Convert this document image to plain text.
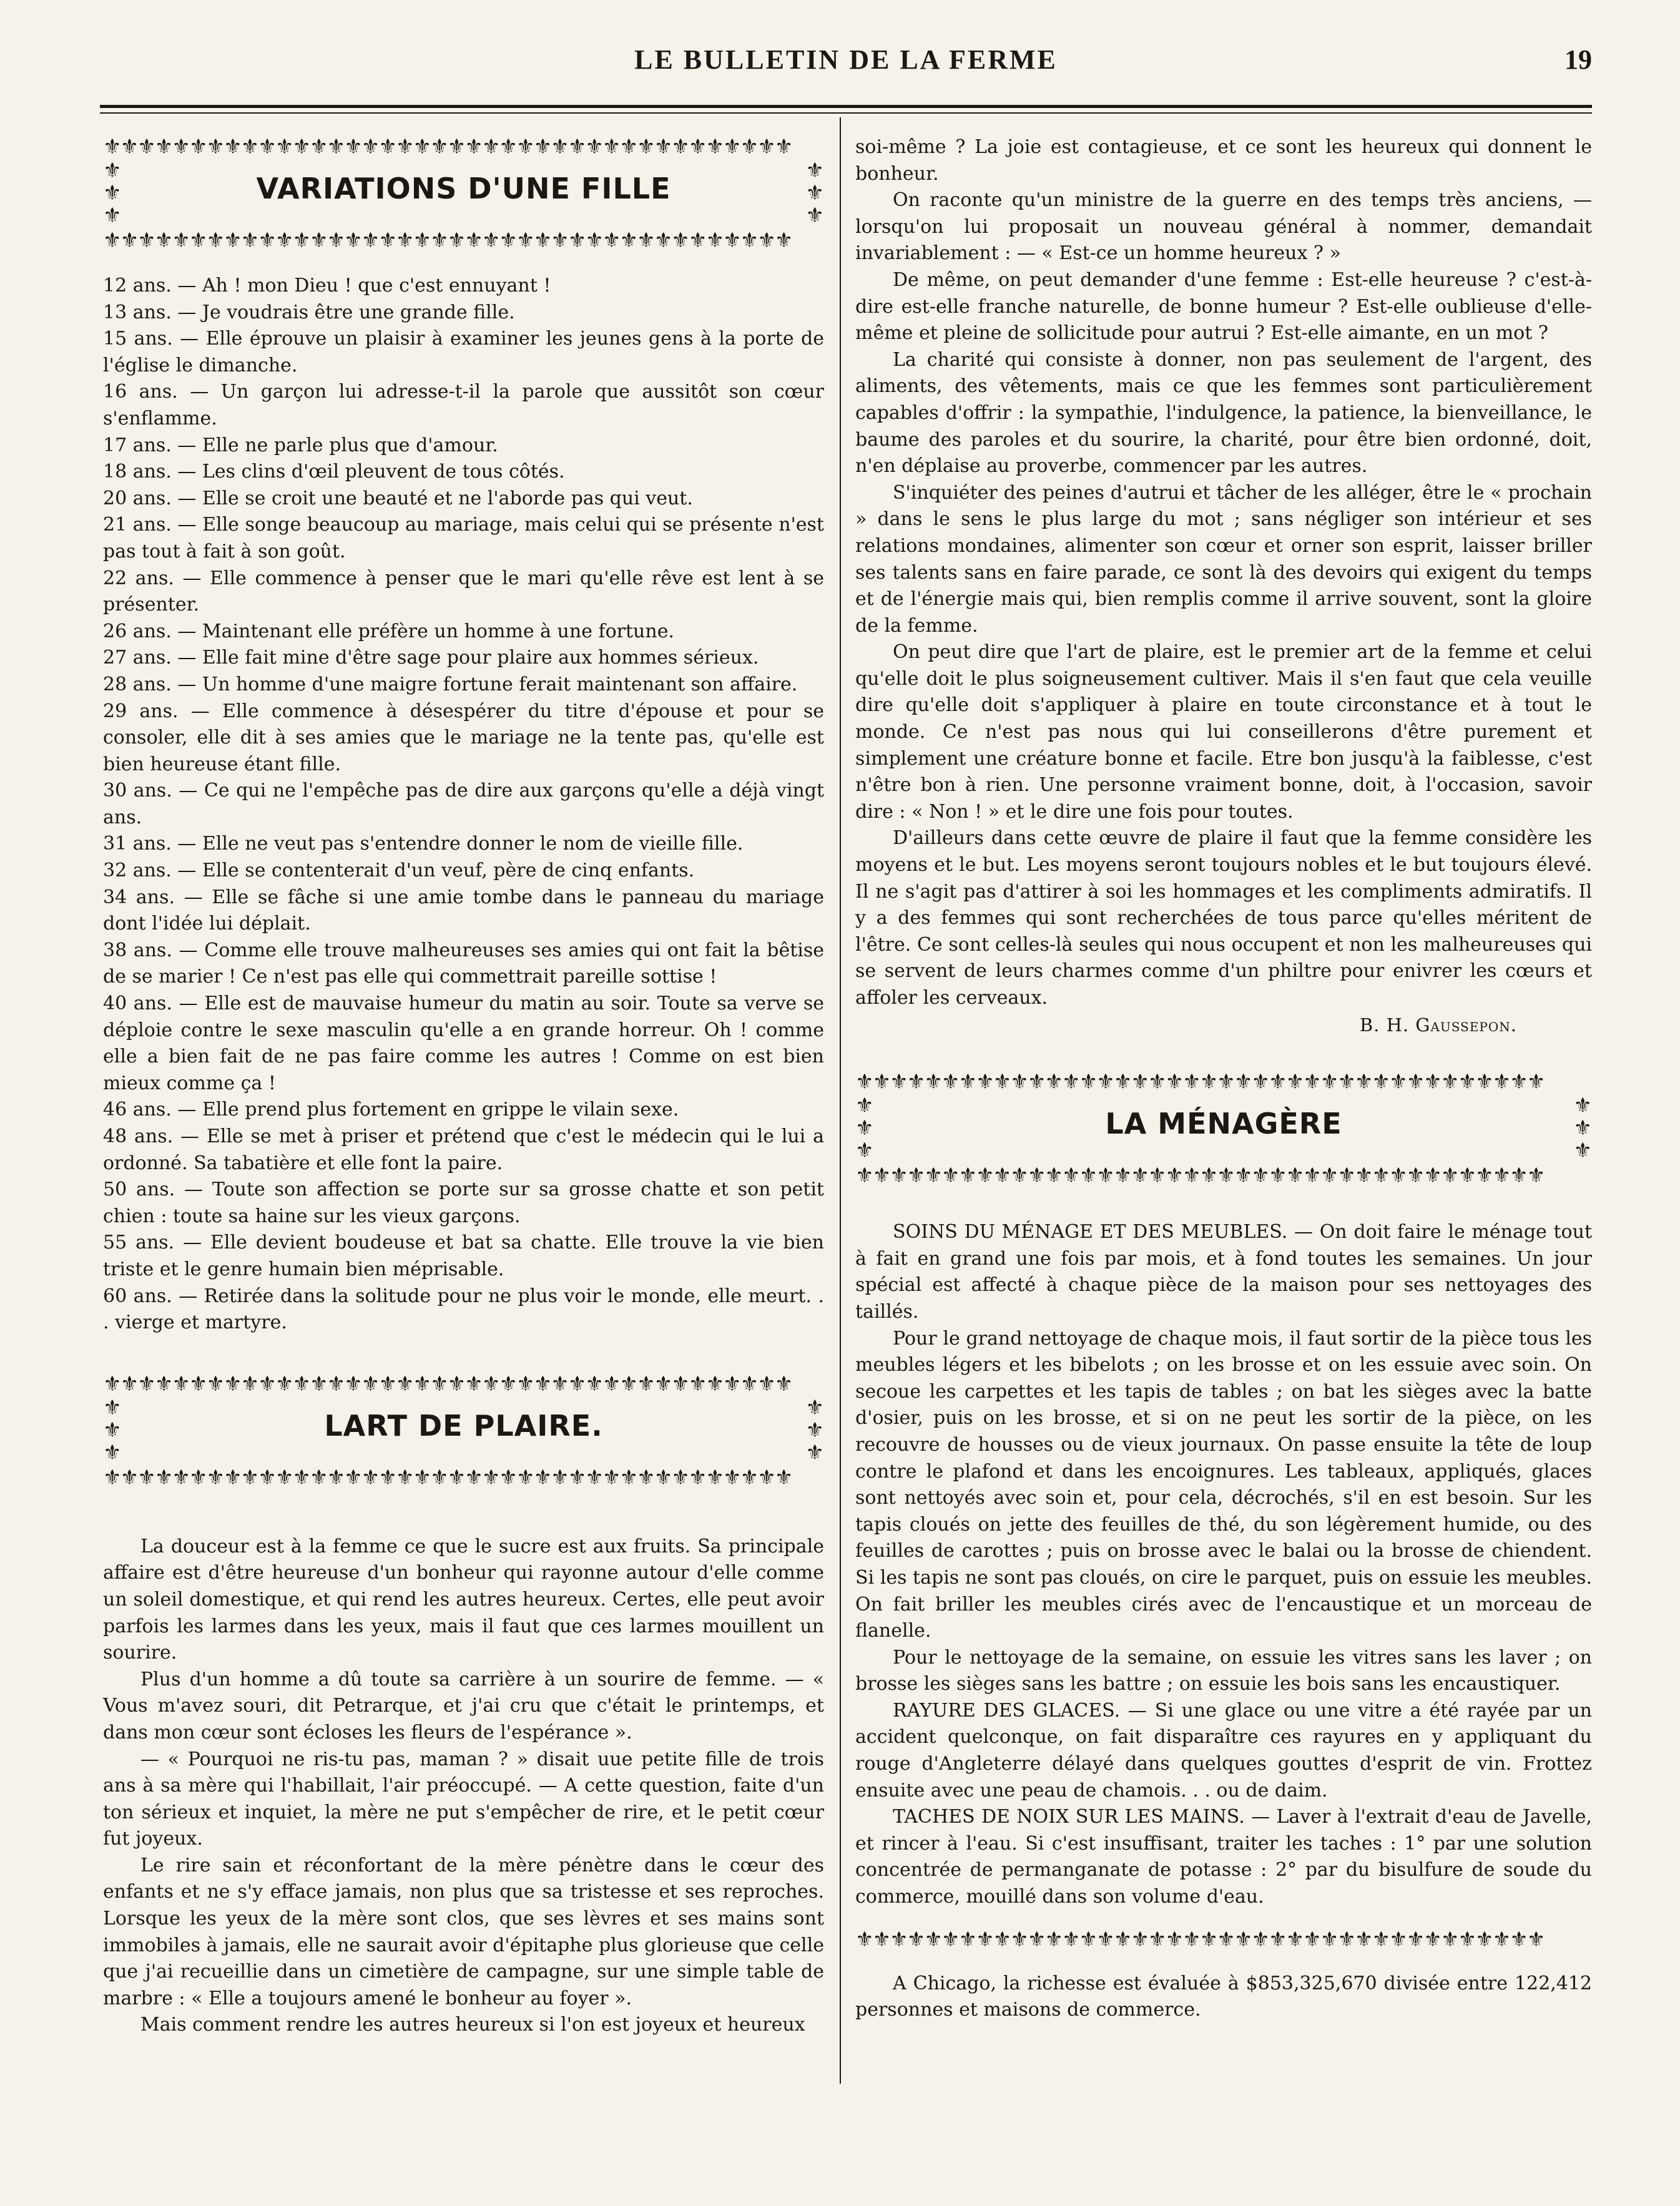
LE BULLETIN DE LA FERME	19
⚜⚜⚜⚜⚜⚜⚜⚜⚜⚜⚜⚜⚜⚜⚜⚜⚜⚜⚜⚜⚜⚜⚜⚜⚜⚜⚜⚜⚜⚜⚜⚜⚜⚜⚜⚜⚜⚜⚜⚜
⚜
⚜
⚜
VARIATIONS D'UNE FILLE
⚜
⚜
⚜
⚜⚜⚜⚜⚜⚜⚜⚜⚜⚜⚜⚜⚜⚜⚜⚜⚜⚜⚜⚜⚜⚜⚜⚜⚜⚜⚜⚜⚜⚜⚜⚜⚜⚜⚜⚜⚜⚜⚜⚜

12 ans. — Ah ! mon Dieu ! que c'est ennuyant !

13 ans. — Je voudrais être une grande fille.

15 ans. — Elle éprouve un plaisir à examiner les jeunes gens à la porte de l'église le dimanche.

16 ans. — Un garçon lui adresse-t-il la parole que aussitôt son cœur s'enflamme.

17 ans. — Elle ne parle plus que d'amour.

18 ans. — Les clins d'œil pleuvent de tous côtés.

20 ans. — Elle se croit une beauté et ne l'aborde pas qui veut.

21 ans. — Elle songe beaucoup au mariage, mais celui qui se présente n'est pas tout à fait à son goût.

22 ans. — Elle commence à penser que le mari qu'elle rêve est lent à se présenter.

26 ans. — Maintenant elle préfère un homme à une fortune.

27 ans. — Elle fait mine d'être sage pour plaire aux hommes sérieux.

28 ans. — Un homme d'une maigre fortune ferait maintenant son affaire.

29 ans. — Elle commence à désespérer du titre d'épouse et pour se consoler, elle dit à ses amies que le mariage ne la tente pas, qu'elle est bien heureuse étant fille.

30 ans. — Ce qui ne l'empêche pas de dire aux garçons qu'elle a déjà vingt ans.

31 ans. — Elle ne veut pas s'entendre donner le nom de vieille fille.

32 ans. — Elle se contenterait d'un veuf, père de cinq enfants.

34 ans. — Elle se fâche si une amie tombe dans le panneau du mariage dont l'idée lui déplait.

38 ans. — Comme elle trouve malheureuses ses amies qui ont fait la bêtise de se marier ! Ce n'est pas elle qui commettrait pareille sottise !

40 ans. — Elle est de mauvaise humeur du matin au soir. Toute sa verve se déploie contre le sexe masculin qu'elle a en grande horreur. Oh ! comme elle a bien fait de ne pas faire comme les autres ! Comme on est bien mieux comme ça !

46 ans. — Elle prend plus fortement en grippe le vilain sexe.

48 ans. — Elle se met à priser et prétend que c'est le médecin qui le lui a ordonné. Sa tabatière et elle font la paire.

50 ans. — Toute son affection se porte sur sa grosse chatte et son petit chien : toute sa haine sur les vieux garçons.

55 ans. — Elle devient boudeuse et bat sa chatte. Elle trouve la vie bien triste et le genre humain bien méprisable.

60 ans. — Retirée dans la solitude pour ne plus voir le monde, elle meurt. . . vierge et martyre.

⚜⚜⚜⚜⚜⚜⚜⚜⚜⚜⚜⚜⚜⚜⚜⚜⚜⚜⚜⚜⚜⚜⚜⚜⚜⚜⚜⚜⚜⚜⚜⚜⚜⚜⚜⚜⚜⚜⚜⚜
⚜
⚜
⚜
LART DE PLAIRE.
⚜
⚜
⚜
⚜⚜⚜⚜⚜⚜⚜⚜⚜⚜⚜⚜⚜⚜⚜⚜⚜⚜⚜⚜⚜⚜⚜⚜⚜⚜⚜⚜⚜⚜⚜⚜⚜⚜⚜⚜⚜⚜⚜⚜

La douceur est à la femme ce que le sucre est aux fruits. Sa principale affaire est d'être heureuse d'un bonheur qui rayonne autour d'elle comme un soleil domestique, et qui rend les autres heureux. Certes, elle peut avoir parfois les larmes dans les yeux, mais il faut que ces larmes mouillent un sourire.

Plus d'un homme a dû toute sa carrière à un sourire de femme. — « Vous m'avez souri, dit Petrarque, et j'ai cru que c'était le printemps, et dans mon cœur sont écloses les fleurs de l'espérance ».

— « Pourquoi ne ris-tu pas, maman ? » disait uue petite fille de trois ans à sa mère qui l'habillait, l'air préoccupé. — A cette question, faite d'un ton sérieux et inquiet, la mère ne put s'empêcher de rire, et le petit cœur fut joyeux.

Le rire sain et réconfortant de la mère pénètre dans le cœur des enfants et ne s'y efface jamais, non plus que sa tristesse et ses reproches. Lorsque les yeux de la mère sont clos, que ses lèvres et ses mains sont immobiles à jamais, elle ne saurait avoir d'épitaphe plus glorieuse que celle que j'ai recueillie dans un cimetière de campagne, sur une simple table de marbre : « Elle a toujours amené le bonheur au foyer ».

Mais comment rendre les autres heureux si l'on est joyeux et heureux

soi-même ? La joie est contagieuse, et ce sont les heureux qui donnent le bonheur.

On raconte qu'un ministre de la guerre en des temps très anciens, — lorsqu'on lui proposait un nouveau général à nommer, demandait invariablement : — « Est-ce un homme heureux ? »

De même, on peut demander d'une femme : Est-elle heureuse ? c'est-à-dire est-elle franche naturelle, de bonne humeur ? Est-elle oublieuse d'elle-même et pleine de sollicitude pour autrui ? Est-elle aimante, en un mot ?

La charité qui consiste à donner, non pas seulement de l'argent, des aliments, des vêtements, mais ce que les femmes sont particulièrement capables d'offrir : la sympathie, l'indulgence, la patience, la bienveillance, le baume des paroles et du sourire, la charité, pour être bien ordonné, doit, n'en déplaise au proverbe, commencer par les autres.

S'inquiéter des peines d'autrui et tâcher de les alléger, être le « prochain » dans le sens le plus large du mot ; sans négliger son intérieur et ses relations mondaines, alimenter son cœur et orner son esprit, laisser briller ses talents sans en faire parade, ce sont là des devoirs qui exigent du temps et de l'énergie mais qui, bien remplis comme il arrive souvent, sont la gloire de la femme.

On peut dire que l'art de plaire, est le premier art de la femme et celui qu'elle doit le plus soigneusement cultiver. Mais il s'en faut que cela veuille dire qu'elle doit s'appliquer à plaire en toute circonstance et à tout le monde. Ce n'est pas nous qui lui conseillerons d'être purement et simplement une créature bonne et facile. Etre bon jusqu'à la faiblesse, c'est n'être bon à rien. Une personne vraiment bonne, doit, à l'occasion, savoir dire : « Non ! » et le dire une fois pour toutes.

D'ailleurs dans cette œuvre de plaire il faut que la femme considère les moyens et le but. Les moyens seront toujours nobles et le but toujours élevé. Il ne s'agit pas d'attirer à soi les hommages et les compliments admiratifs. Il y a des femmes qui sont recherchées de tous parce qu'elles méritent de l'être. Ce sont celles-là seules qui nous occupent et non les malheureuses qui se servent de leurs charmes comme d'un philtre pour enivrer les cœurs et affoler les cerveaux.

B. H. Gaussepon.

⚜⚜⚜⚜⚜⚜⚜⚜⚜⚜⚜⚜⚜⚜⚜⚜⚜⚜⚜⚜⚜⚜⚜⚜⚜⚜⚜⚜⚜⚜⚜⚜⚜⚜⚜⚜⚜⚜⚜⚜
⚜
⚜
⚜
LA MÉNAGÈRE
⚜
⚜
⚜
⚜⚜⚜⚜⚜⚜⚜⚜⚜⚜⚜⚜⚜⚜⚜⚜⚜⚜⚜⚜⚜⚜⚜⚜⚜⚜⚜⚜⚜⚜⚜⚜⚜⚜⚜⚜⚜⚜⚜⚜

SOINS DU MÉNAGE ET DES MEUBLES. — On doit faire le ménage tout à fait en grand une fois par mois, et à fond toutes les semaines. Un jour spécial est affecté à chaque pièce de la maison pour ses nettoyages des taillés.

Pour le grand nettoyage de chaque mois, il faut sortir de la pièce tous les meubles légers et les bibelots ; on les brosse et on les essuie avec soin. On secoue les carpettes et les tapis de tables ; on bat les sièges avec la batte d'osier, puis on les brosse, et si on ne peut les sortir de la pièce, on les recouvre de housses ou de vieux journaux. On passe ensuite la tête de loup contre le plafond et dans les encoignures. Les tableaux, appliqués, glaces sont nettoyés avec soin et, pour cela, décrochés, s'il en est besoin. Sur les tapis cloués on jette des feuilles de thé, du son légèrement humide, ou des feuilles de carottes ; puis on brosse avec le balai ou la brosse de chiendent. Si les tapis ne sont pas cloués, on cire le parquet, puis on essuie les meubles. On fait briller les meubles cirés avec de l'encaustique et un morceau de flanelle.

Pour le nettoyage de la semaine, on essuie les vitres sans les laver ; on brosse les sièges sans les battre ; on essuie les bois sans les encaustiquer.

RAYURE DES GLACES. — Si une glace ou une vitre a été rayée par un accident quelconque, on fait disparaître ces rayures en y appliquant du rouge d'Angleterre délayé dans quelques gouttes d'esprit de vin. Frottez ensuite avec une peau de chamois. . . ou de daim.

TACHES DE NOIX SUR LES MAINS. — Laver à l'extrait d'eau de Javelle, et rincer à l'eau. Si c'est insuffisant, traiter les taches : 1° par une solution concentrée de permanganate de potasse : 2° par du bisulfure de soude du commerce, mouillé dans son volume d'eau.

⚜⚜⚜⚜⚜⚜⚜⚜⚜⚜⚜⚜⚜⚜⚜⚜⚜⚜⚜⚜⚜⚜⚜⚜⚜⚜⚜⚜⚜⚜⚜⚜⚜⚜⚜⚜⚜⚜⚜⚜

A Chicago, la richesse est évaluée à $853,325,670 divisée entre 122,412 personnes et maisons de commerce.
